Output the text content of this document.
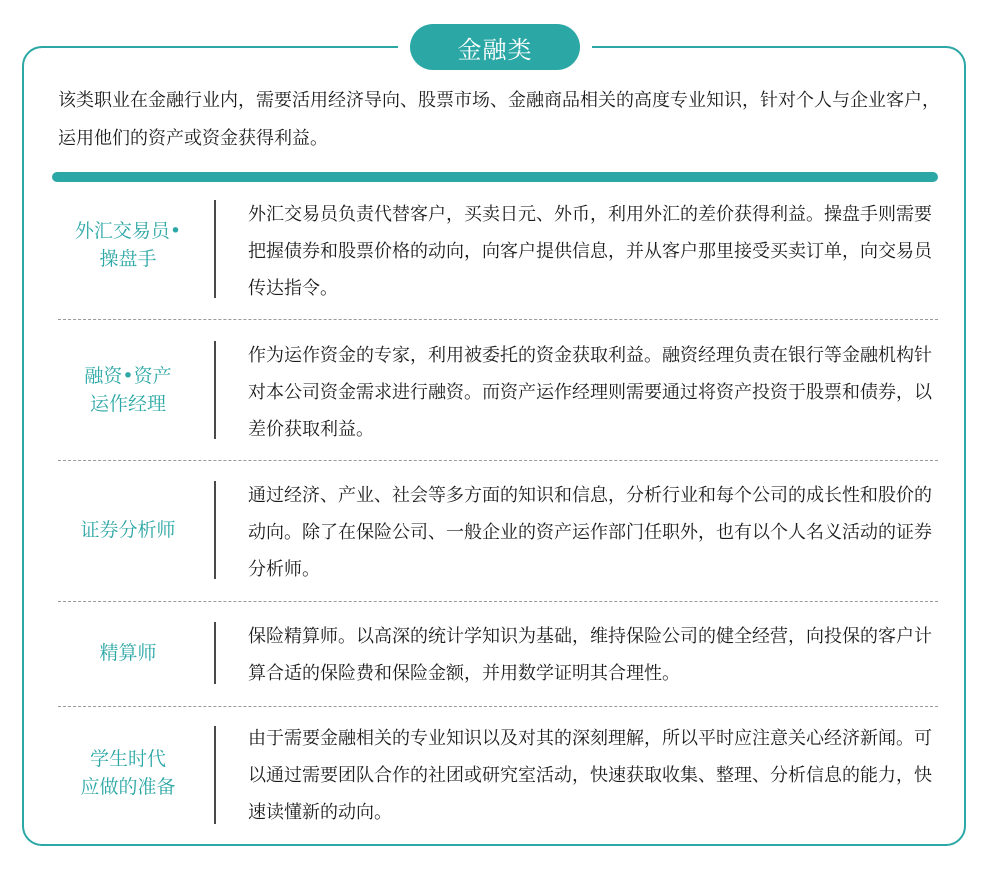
金融类
该类职业在金融行业内，需要活用经济导向、股票市场、金融商品相关的高度专业知识，针对个人与企业客户，运用他们的资产或资金获得利益。
外汇交易员•
操盘手
外汇交易员负责代替客户，买卖日元、外币，利用外汇的差价获得利益。操盘手则需要把握债券和股票价格的动向，向客户提供信息，并从客户那里接受买卖订单，向交易员传达指令。
融资•资产
运作经理
作为运作资金的专家，利用被委托的资金获取利益。融资经理负责在银行等金融机构针对本公司资金需求进行融资。而资产运作经理则需要通过将资产投资于股票和债券，以差价获取利益。
证券分析师
通过经济、产业、社会等多方面的知识和信息，分析行业和每个公司的成长性和股价的动向。除了在保险公司、一般企业的资产运作部门任职外，也有以个人名义活动的证券分析师。
精算师
保险精算师。以高深的统计学知识为基础，维持保险公司的健全经营，向投保的客户计算合适的保险费和保险金额，并用数学证明其合理性。
学生时代
应做的准备
由于需要金融相关的专业知识以及对其的深刻理解，所以平时应注意关心经济新闻。可以通过需要团队合作的社团或研究室活动，快速获取收集、整理、分析信息的能力，快速读懂新的动向。
